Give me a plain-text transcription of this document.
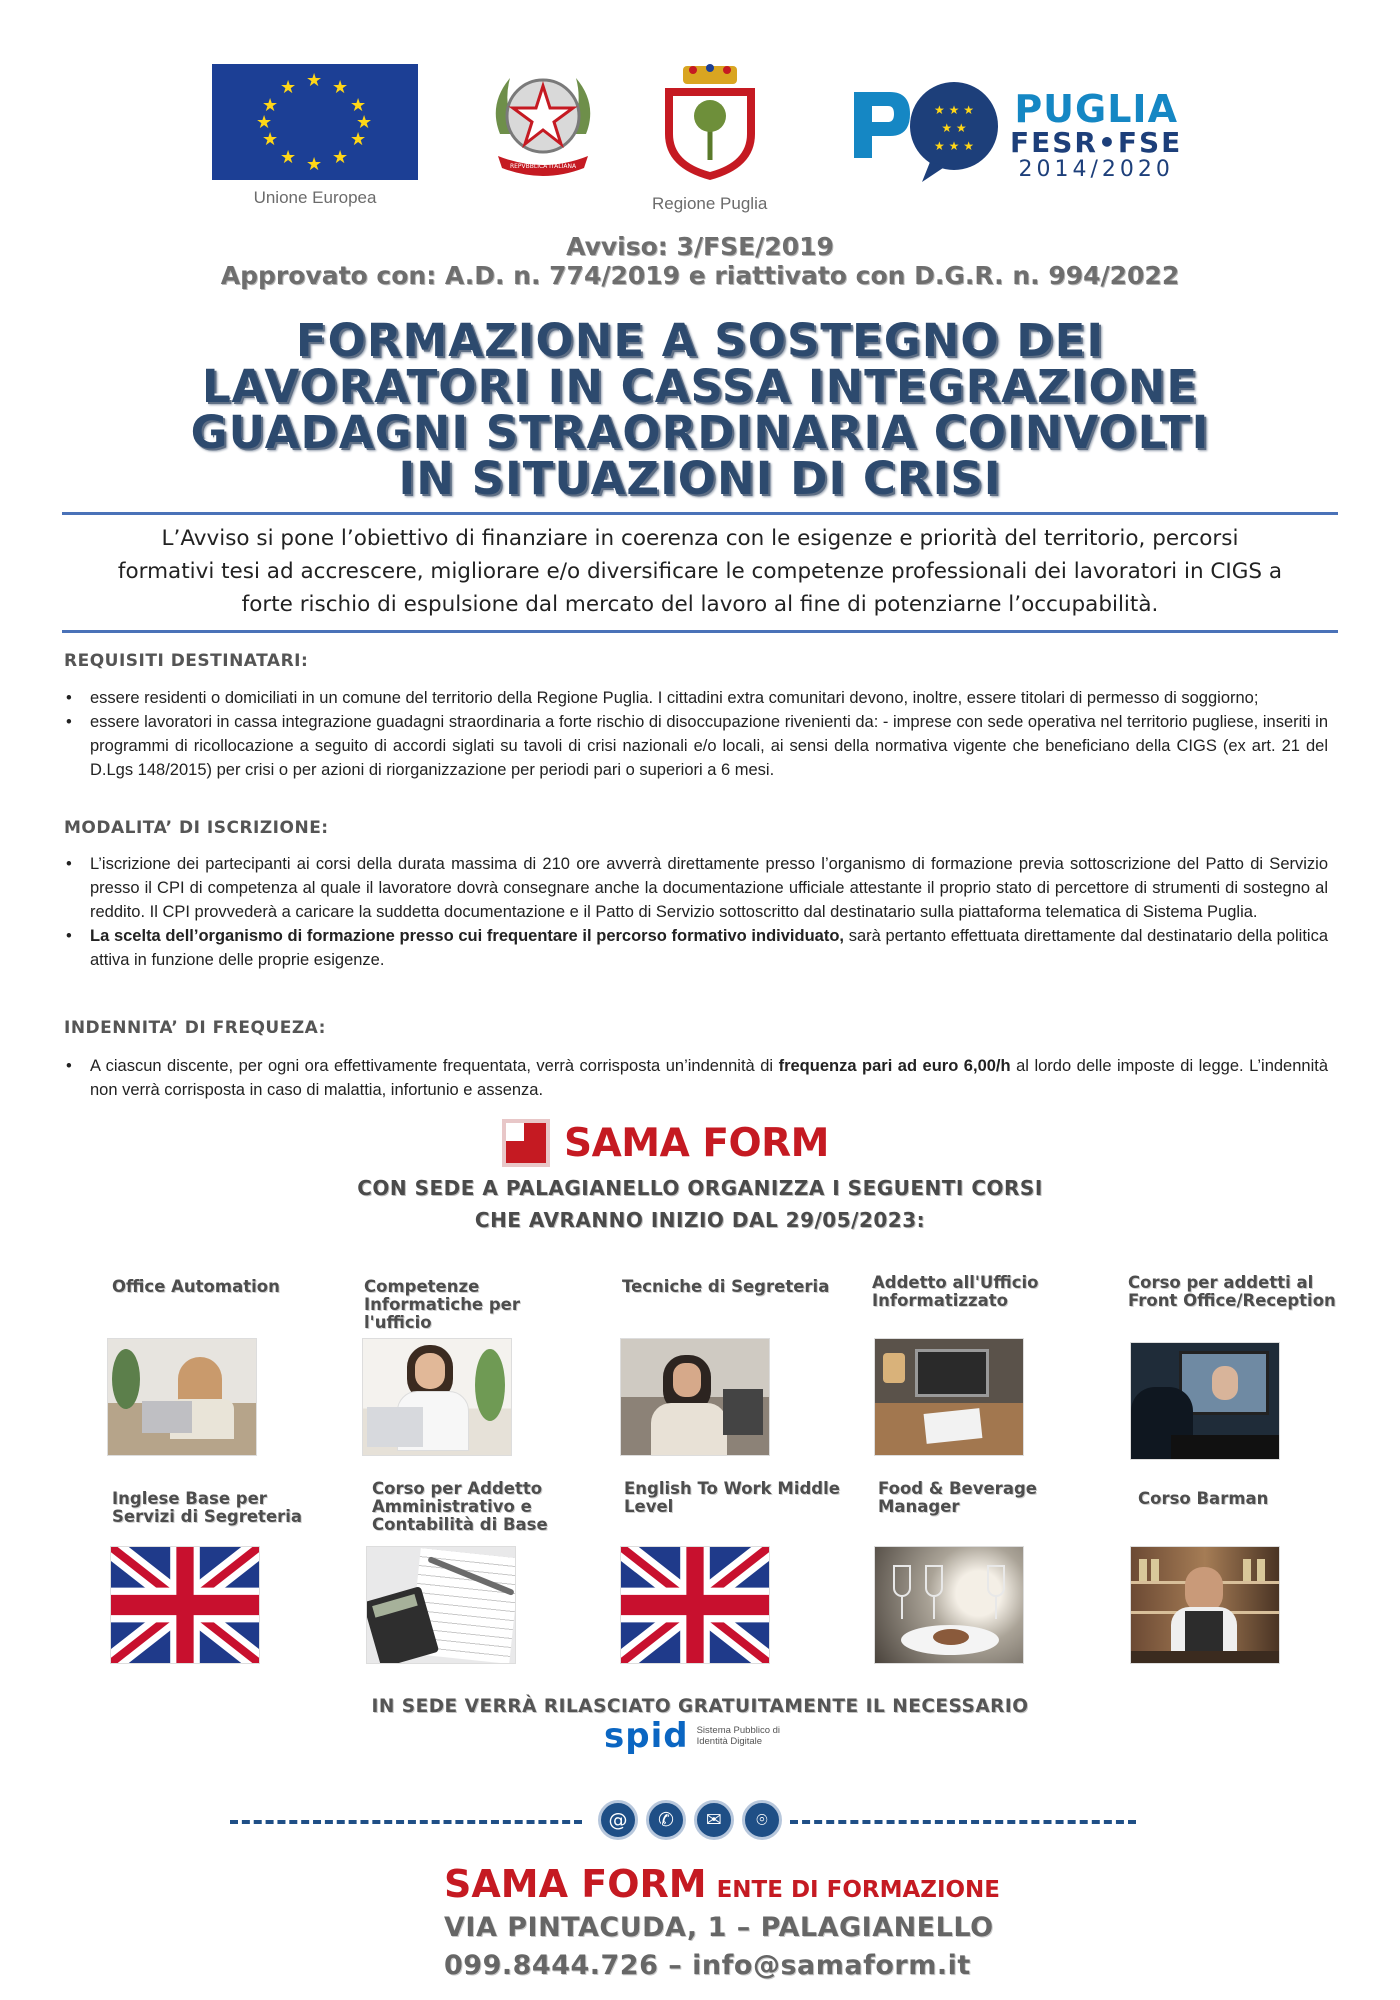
★ ★
★
★
★
★
★
★
★
★
★
★
Unione Europea
REPVBBLICA ITALIANA
Regione Puglia
★ ★ ★
★ ★
★ ★ ★
PUGLIA
FESR•FSE
2014/2020
Avviso: 3/FSE/2019
Approvato con: A.D. n. 774/2019 e riattivato con D.G.R. n. 994/2022
FORMAZIONE A SOSTEGNO DEI
LAVORATORI IN CASSA INTEGRAZIONE
GUADAGNI STRAORDINARIA COINVOLTI
IN SITUAZIONI DI CRISI
L’Avviso si pone l’obiettivo di finanziare in coerenza con le esigenze e priorità del territorio, percorsi formativi tesi ad accrescere, migliorare e/o diversificare le competenze professionali dei lavoratori in CIGS a forte rischio di espulsione dal mercato del lavoro al fine di potenziarne l’occupabilità.
REQUISITI DESTINATARI:
• essere residenti o domiciliati in un comune del territorio della Regione Puglia. I cittadini extra comunitari devono, inoltre, essere titolari di permesso di soggiorno;
• essere lavoratori in cassa integrazione guadagni straordinaria a forte rischio di disoccupazione rivenienti da: - imprese con sede operativa nel territorio pugliese, inseriti in programmi di ricollocazione a seguito di accordi siglati su tavoli di crisi nazionali e/o locali, ai sensi della normativa vigente che beneficiano della CIGS (ex art. 21 del D.Lgs 148/2015) per crisi o per azioni di riorganizzazione per periodi pari o superiori a 6 mesi.
MODALITA’ DI ISCRIZIONE:
• L’iscrizione dei partecipanti ai corsi della durata massima di 210 ore avverrà direttamente presso l’organismo di formazione previa sottoscrizione del Patto di Servizio presso il CPI di competenza al quale il lavoratore dovrà consegnare anche la documentazione ufficiale attestante il proprio stato di percettore di strumenti di sostegno al reddito. Il CPI provvederà a caricare la suddetta documentazione e il Patto di Servizio sottoscritto dal destinatario sulla piattaforma telematica di Sistema Puglia.
• La scelta dell’organismo di formazione presso cui frequentare il percorso formativo individuato, sarà pertanto effettuata direttamente dal destinatario della politica attiva in funzione delle proprie esigenze.
INDENNITA’ DI FREQUEZA:
• A ciascun discente, per ogni ora effettivamente frequentata, verrà corrisposta un’indennità di frequenza pari ad euro 6,00/h al lordo delle imposte di legge. L’indennità non verrà corrisposta in caso di malattia, infortunio e assenza.
SAMA FORM
CON SEDE A PALAGIANELLO ORGANIZZA I SEGUENTI CORSI
CHE AVRANNO INIZIO DAL 29/05/2023:
Office Automation	Competenze Informatiche per l'ufficio
Tecniche di Segreteria	Addetto all'Ufficio Informatizzato
Corso per addetti al Front Office/Reception
Inglese Base per Servizi di Segreteria
Corso per Addetto Amministrativo e Contabilità di Base
English To Work Middle Level
Food & Beverage Manager	Corso Barman
IN SEDE VERRÀ RILASCIATO GRATUITAMENTE IL NECESSARIO
spid Sistema Pubblico di Identità Digitale
@	✆	✉	⌾
SAMA FORM ENTE DI FORMAZIONE
VIA PINTACUDA, 1 – PALAGIANELLO
099.8444.726 – info@samaform.it
